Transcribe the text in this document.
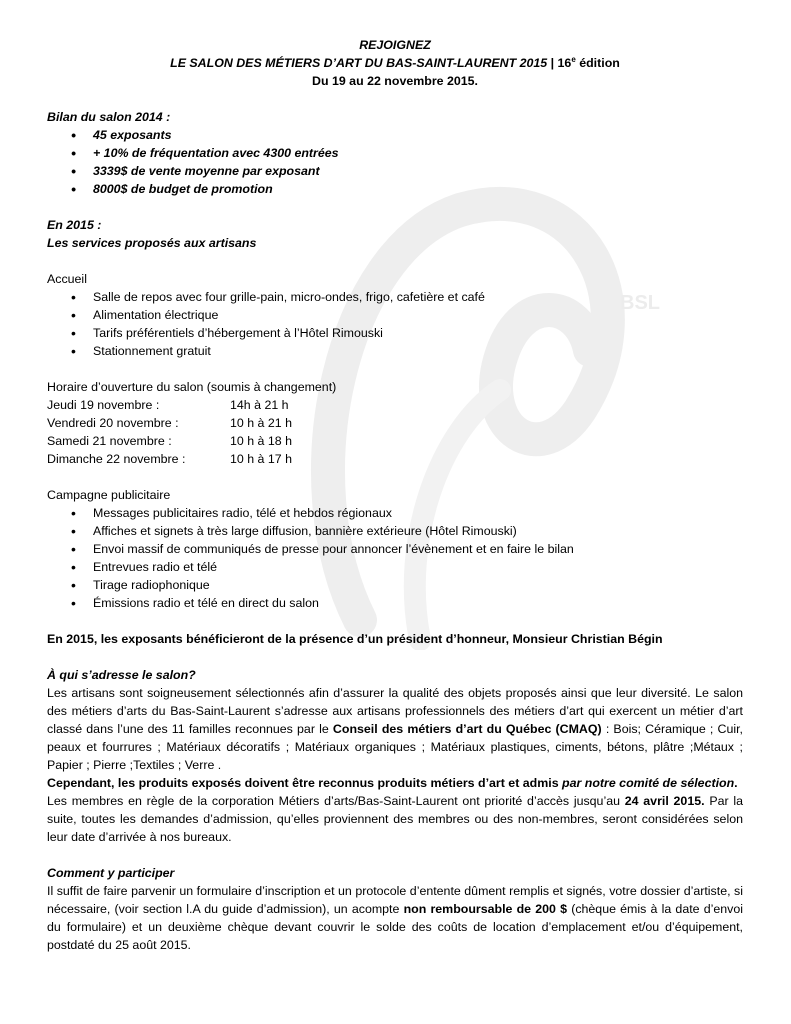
BSL
REJOIGNEZ
LE SALON DES MÉTIERS D’ART DU BAS-SAINT-LAURENT 2015 | 16e édition
Du 19 au 22 novembre 2015.
Bilan du salon 2014 :
• 45 exposants
• + 10% de fréquentation avec 4300 entrées
• 3339$ de vente moyenne par exposant
• 8000$ de budget de promotion
En 2015 :
Les services proposés aux artisans
Accueil
• Salle de repos avec four grille-pain, micro-ondes, frigo, cafetière et café
• Alimentation électrique
• Tarifs préférentiels d’hébergement à l’Hôtel Rimouski
• Stationnement gratuit
Horaire d’ouverture du salon (soumis à changement)
Jeudi 19 novembre :	14h à 21 h
Vendredi 20 novembre :	10 h à 21 h
Samedi 21 novembre :	10 h à 18 h
Dimanche 22 novembre :	10 h à 17 h
Campagne publicitaire
• Messages publicitaires radio, télé et hebdos régionaux
• Affiches et signets à très large diffusion, bannière extérieure (Hôtel Rimouski)
• Envoi massif de communiqués de presse pour annoncer l’évènement et en faire le bilan
• Entrevues radio et télé
• Tirage radiophonique
• Émissions radio et télé en direct du salon
En 2015, les exposants bénéficieront de la présence d’un président d’honneur, Monsieur Christian Bégin
À qui s’adresse le salon?
Les artisans sont soigneusement sélectionnés afin d’assurer la qualité des objets proposés ainsi que leur diversité. Le salon des métiers d’arts du Bas-Saint-Laurent s’adresse aux artisans professionnels des métiers d’art qui exercent un métier d’art classé dans l’une des 11 familles reconnues par le Conseil des métiers d’art du Québec (CMAQ) : Bois; Céramique ; Cuir, peaux et fourrures ; Matériaux décoratifs ; Matériaux organiques ; Matériaux plastiques, ciments, bétons, plâtre ;Métaux ; Papier ; Pierre ;Textiles ; Verre .
Cependant, les produits exposés doivent être reconnus produits métiers d’art et admis par notre comité de sélection.
Les membres en règle de la corporation Métiers d’arts/Bas-Saint-Laurent ont priorité d’accès jusqu’au 24 avril 2015. Par la suite, toutes les demandes d’admission, qu’elles proviennent des membres ou des non-membres, seront considérées selon leur date d’arrivée à nos bureaux.
Comment y participer
Il suffit de faire parvenir un formulaire d’inscription et un protocole d’entente dûment remplis et signés, votre dossier d’artiste, si nécessaire, (voir section l.A du guide d’admission), un acompte non remboursable de 200 $ (chèque émis à la date d’envoi du formulaire) et un deuxième chèque devant couvrir le solde des coûts de location d’emplacement et/ou d’équipement, postdaté du 25 août 2015.
